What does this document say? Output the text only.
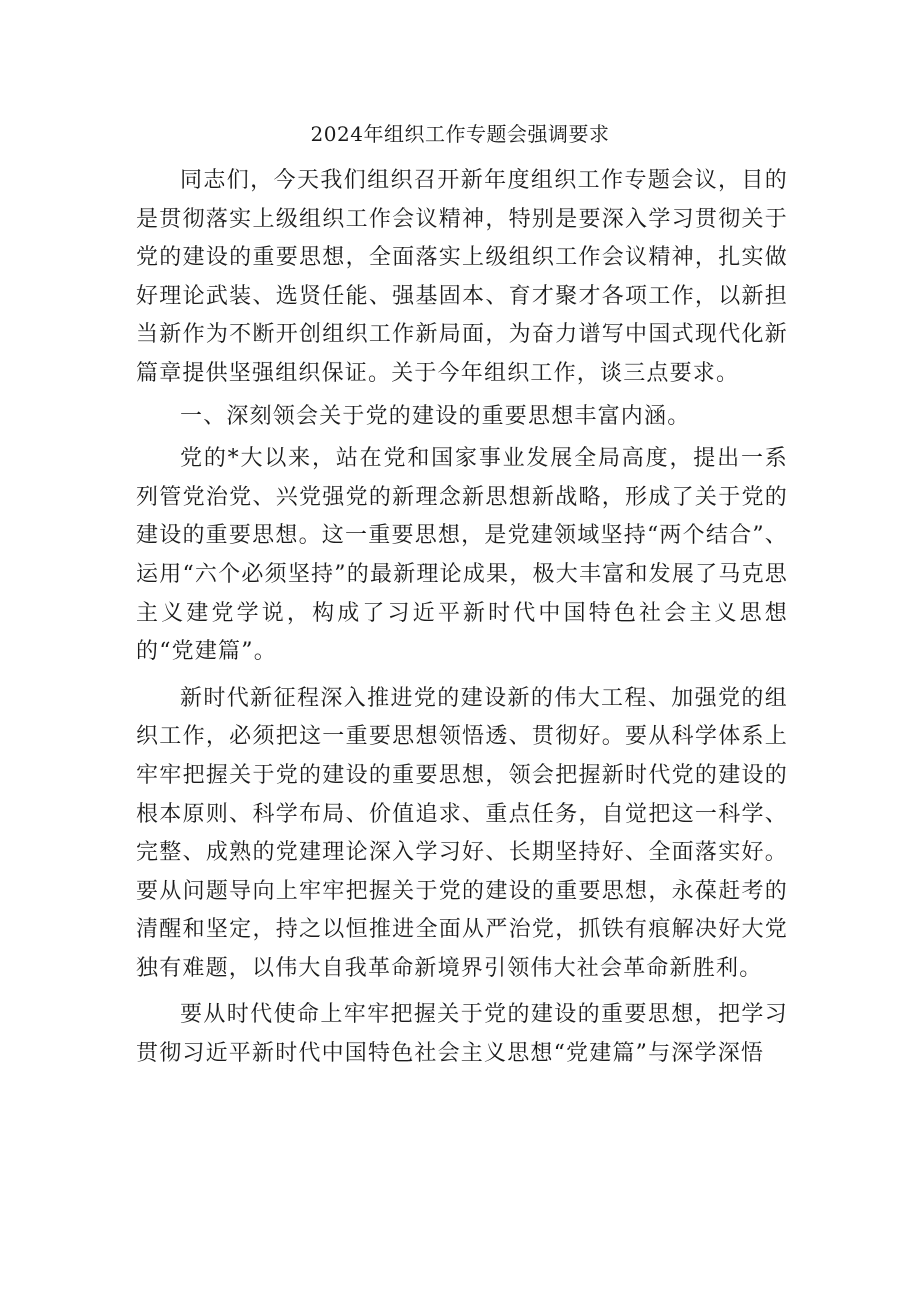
2024年组织工作专题会强调要求

同志们，今天我们组织召开新年度组织工作专题会议，目的是贯彻落实上级组织工作会议精神，特别是要深入学习贯彻关于党的建设的重要思想，全面落实上级组织工作会议精神，扎实做好理论武装、选贤任能、强基固本、育才聚才各项工作，以新担当新作为不断开创组织工作新局面，为奋力谱写中国式现代化新篇章提供坚强组织保证。关于今年组织工作，谈三点要求。

一、深刻领会关于党的建设的重要思想丰富内涵。

党的*大以来，站在党和国家事业发展全局高度，提出一系列管党治党、兴党强党的新理念新思想新战略，形成了关于党的建设的重要思想。这一重要思想，是党建领域坚持“两个结合”、运用“六个必须坚持”的最新理论成果，极大丰富和发展了马克思主义建党学说，构成了习近平新时代中国特色社会主义思想的“党建篇”。

新时代新征程深入推进党的建设新的伟大工程、加强党的组织工作，必须把这一重要思想领悟透、贯彻好。要从科学体系上牢牢把握关于党的建设的重要思想，领会把握新时代党的建设的根本原则、科学布局、价值追求、重点任务，自觉把这一科学、完整、成熟的党建理论深入学习好、长期坚持好、全面落实好。要从问题导向上牢牢把握关于党的建设的重要思想，永葆赶考的清醒和坚定，持之以恒推进全面从严治党，抓铁有痕解决好大党独有难题，以伟大自我革命新境界引领伟大社会革命新胜利。

要从时代使命上牢牢把握关于党的建设的重要思想，把学习贯彻习近平新时代中国特色社会主义思想“党建篇”与深学深悟
